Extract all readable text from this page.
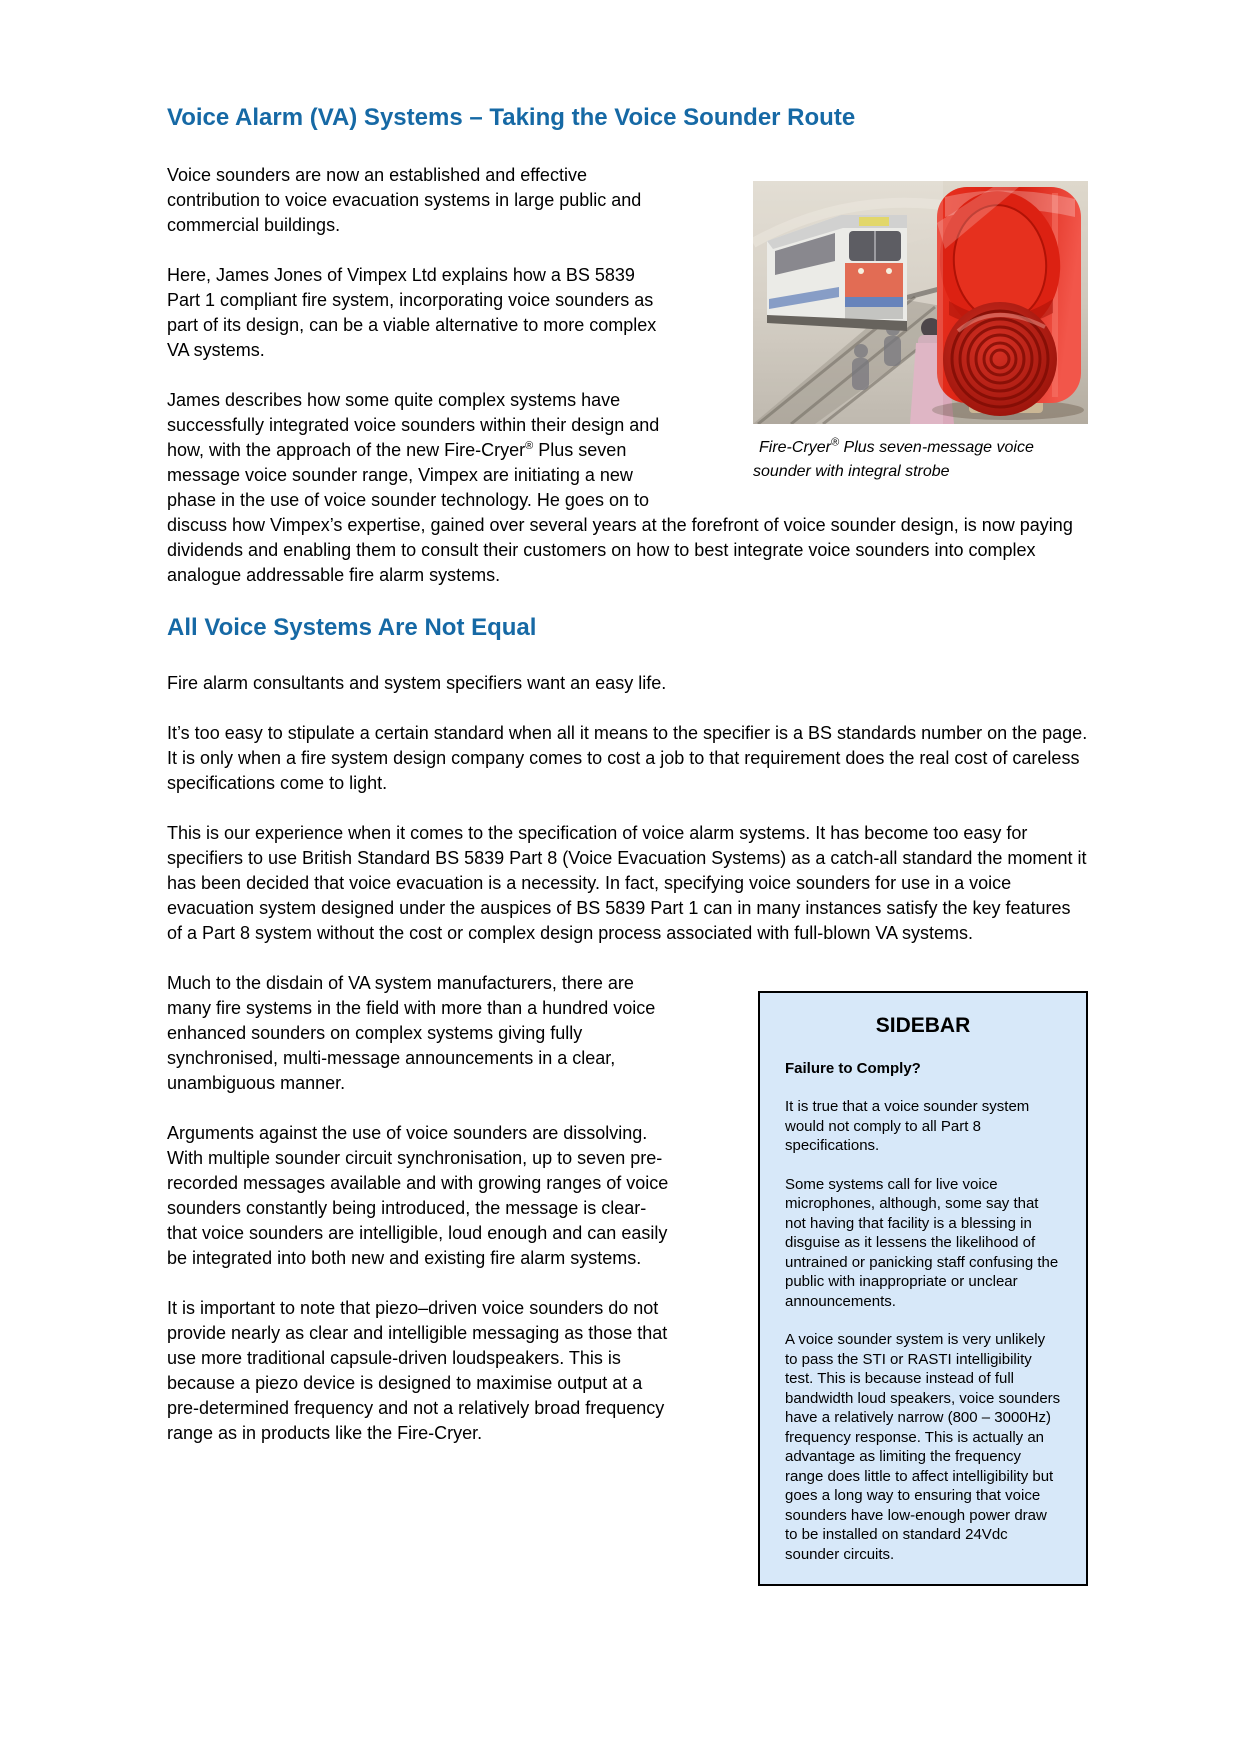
Voice Alarm (VA) Systems – Taking the Voice Sounder Route
Fire-Cryer® Plus seven-message voice sounder with integral strobe

Voice sounders are now an established and effective contribution to voice evacuation systems in large public and commercial buildings.

Here, James Jones of Vimpex Ltd explains how a BS 5839 Part 1 compliant fire system, incorporating voice sounders as part of its design, can be a viable alternative to more complex VA systems.

James describes how some quite complex systems have successfully integrated voice sounders within their design and how, with the approach of the new Fire-Cryer® Plus seven message voice sounder range, Vimpex are initiating a new phase in the use of voice sounder technology. He goes on to discuss how Vimpex’s expertise, gained over several years at the forefront of voice sounder design, is now paying dividends and enabling them to consult their customers on how to best integrate voice sounders into complex analogue addressable fire alarm systems.

All Voice Systems Are Not Equal

Fire alarm consultants and system specifiers want an easy life.

It’s too easy to stipulate a certain standard when all it means to the specifier is a BS standards number on the page. It is only when a fire system design company comes to cost a job to that requirement does the real cost of careless specifications come to light.

This is our experience when it comes to the specification of voice alarm systems. It has become too easy for specifiers to use British Standard BS 5839 Part 8 (Voice Evacuation Systems) as a catch-all standard the moment it has been decided that voice evacuation is a necessity. In fact, specifying voice sounders for use in a voice evacuation system designed under the auspices of BS 5839 Part 1 can in many instances satisfy the key features of a Part 8 system without the cost or complex design process associated with full-blown VA systems.

SIDEBAR
Failure to Comply?

It is true that a voice sounder system would not comply to all Part 8 specifications.

Some systems call for live voice microphones, although, some say that not having that facility is a blessing in disguise as it lessens the likelihood of untrained or panicking staff confusing the public with inappropriate or unclear announcements.

A voice sounder system is very unlikely to pass the STI or RASTI intelligibility test. This is because instead of full bandwidth loud speakers, voice sounders have a relatively narrow (800 – 3000Hz) frequency response. This is actually an advantage as limiting the frequency range does little to affect intelligibility but goes a long way to ensuring that voice sounders have low-enough power draw to be installed on standard 24Vdc sounder circuits.

Much to the disdain of VA system manufacturers, there are many fire systems in the field with more than a hundred voice enhanced sounders on complex systems giving fully synchronised, multi-message announcements in a clear, unambiguous manner.

Arguments against the use of voice sounders are dissolving. With multiple sounder circuit synchronisation, up to seven pre-recorded messages available and with growing ranges of voice sounders constantly being introduced, the message is clear-that voice sounders are intelligible, loud enough and can easily be integrated into both new and existing fire alarm systems.

It is important to note that piezo–driven voice sounders do not provide nearly as clear and intelligible messaging as those that use more traditional capsule-driven loudspeakers. This is because a piezo device is designed to maximise output at a pre-determined frequency and not a relatively broad frequency range as in products like the Fire-Cryer.
